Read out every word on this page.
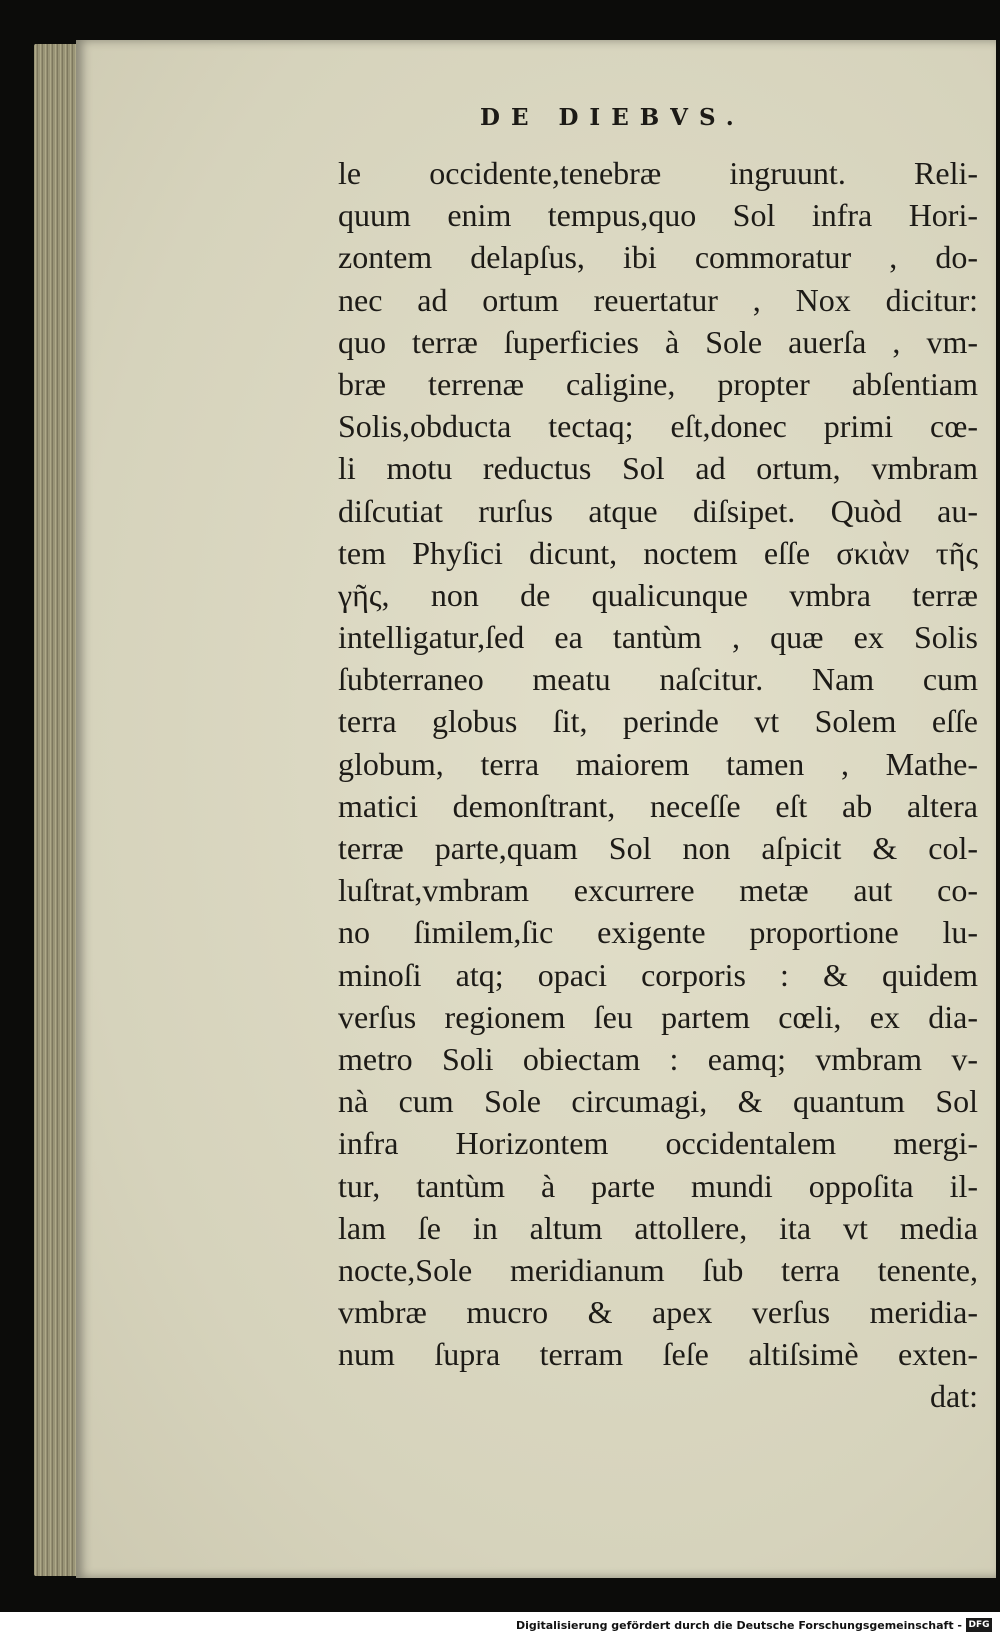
DE DIEBVS.
le occidente,tenebræ ingruunt. Reli-
quum enim tempus,quo Sol infra Hori-
zontem delapſus, ibi commoratur , do-
nec ad ortum reuertatur , Nox dicitur:
quo terræ ſuperficies à Sole auerſa , vm-
bræ terrenæ caligine, propter abſentiam
Solis,obducta tectaq; eſt,donec primi cœ-
li motu reductus Sol ad ortum, vmbram
diſcutiat rurſus atque diſsipet. Quòd au-
tem Phyſici dicunt, noctem eſſe σκιὰν τῆς
γῆς, non de qualicunque vmbra terræ
intelligatur,ſed ea tantùm , quæ ex Solis
ſubterraneo meatu naſcitur. Nam cum
terra globus ſit, perinde vt Solem eſſe
globum, terra maiorem tamen , Mathe-
matici demonſtrant, neceſſe eſt ab altera
terræ parte,quam Sol non aſpicit & col-
luſtrat,vmbram excurrere metæ aut co-
no ſimilem,ſic exigente proportione lu-
minoſi atq; opaci corporis : & quidem
verſus regionem ſeu partem cœli, ex dia-
metro Soli obiectam : eamq; vmbram v-
nà cum Sole circumagi, & quantum Sol
infra Horizontem occidentalem mergi-
tur, tantùm à parte mundi oppoſita il-
lam ſe in altum attollere, ita vt media
nocte,Sole meridianum ſub terra tenente,
vmbræ mucro & apex verſus meridia-
num ſupra terram ſeſe altiſsimè exten-
dat:
Digitalisierung gefördert durch die Deutsche Forschungsgemeinschaft - DFG
